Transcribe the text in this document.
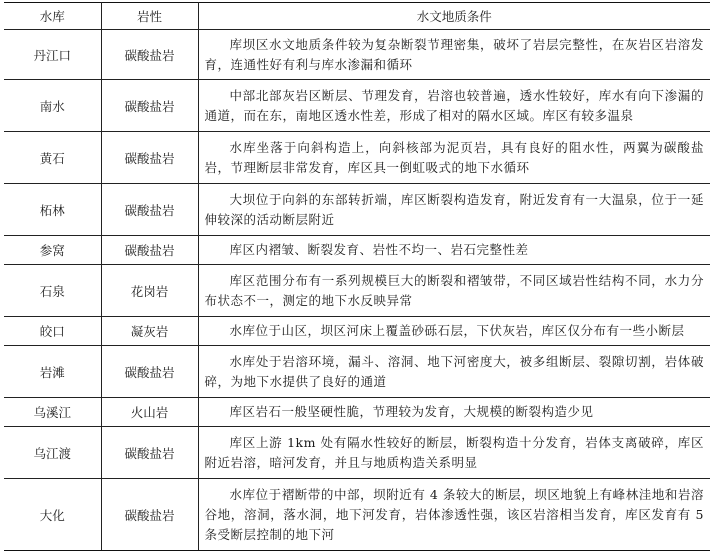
水库	岩性	水文地质条件
丹江口	碳酸盐岩	库坝区水文地质条件较为复杂断裂节理密集，破坏了岩层完整性，在灰岩区岩溶发育，连通性好有利与库水渗漏和循环
南水	碳酸盐岩	中部北部灰岩区断层、节理发育，岩溶也较普遍，透水性较好，库水有向下渗漏的通道，而在东，南地区透水性差，形成了相对的隔水区域。库区有较多温泉
黄石	碳酸盐岩	水库坐落于向斜构造上，向斜核部为泥页岩，具有良好的阻水性，两翼为碳酸盐岩，节理断层非常发育，库区具一倒虹吸式的地下水循环
柘林	碳酸盐岩	大坝位于向斜的东部转折端，库区断裂构造发育，附近发育有一大温泉，位于一延伸较深的活动断层附近
参窝	碳酸盐岩	库区内褶皱、断裂发育、岩性不均一、岩石完整性差
石泉	花岗岩	库区范围分布有一系列规模巨大的断裂和褶皱带，不同区域岩性结构不同，水力分布状态不一，测定的地下水反映异常
皎口	凝灰岩	水库位于山区，坝区河床上覆盖砂砾石层，下伏灰岩，库区仅分布有一些小断层
岩滩	碳酸盐岩	水库处于岩溶环境，漏斗、溶洞、地下河密度大，被多组断层、裂隙切割，岩体破碎，为地下水提供了良好的通道
乌溪江	火山岩	库区岩石一般坚硬性脆，节理较为发育，大规模的断裂构造少见
乌江渡	碳酸盐岩	库区上游 1km 处有隔水性较好的断层，断裂构造十分发育，岩体支离破碎，库区附近岩溶，暗河发育，并且与地质构造关系明显
大化	碳酸盐岩	水库位于褶断带的中部，坝附近有 4 条较大的断层，坝区地貌上有峰林洼地和岩溶谷地，溶洞，落水洞，地下河发育，岩体渗透性强，该区岩溶相当发育，库区发育有 5 条受断层控制的地下河
